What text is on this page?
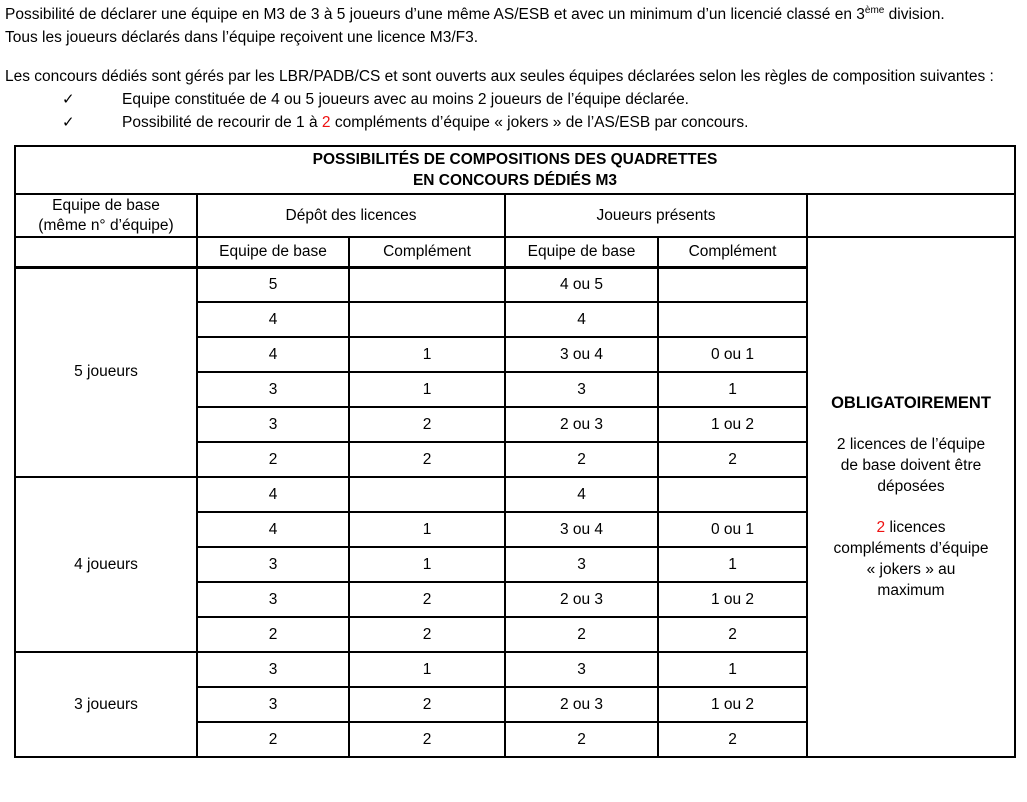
Possibilité de déclarer une équipe en M3 de 3 à 5 joueurs d’une même AS/ESB et avec un minimum d’un licencié classé en 3ème division.

Tous les joueurs déclarés dans l’équipe reçoivent une licence M3/F3.

Les concours dédiés sont gérés par les LBR/PADB/CS et sont ouverts aux seules équipes déclarées selon les règles de composition suivantes :

✓	Equipe constituée de 4 ou 5 joueurs avec au moins 2 joueurs de l’équipe déclarée.
✓	Possibilité de recourir de 1 à 2 compléments d’équipe « jokers » de l’AS/ESB par concours.
POSSIBILITÉS DE COMPOSITIONS DES QUADRETTES
EN CONCOURS DÉDIÉS M3					
Equipe de base
(même n° d’équipe)	Dépôt des licences		Joueurs présents		
	Equipe de base	Complément	Equipe de base	Complément	
OBLIGATOIREMENT
2 licences de l’équipe
de base doivent être
déposées
2 licences
compléments d’équipe
« jokers » au
maximum

5 joueurs	5		4 ou 5		
	4		4		
	4	1	3 ou 4	0 ou 1	
	3	1	3	1	
	3	2	2 ou 3	1 ou 2	
	2	2	2	2	
4 joueurs	4		4		
	4	1	3 ou 4	0 ou 1	
	3	1	3	1	
	3	2	2 ou 3	1 ou 2	
	2	2	2	2	
3 joueurs	3	1	3	1	
	3	2	2 ou 3	1 ou 2	
	2	2	2	2	
